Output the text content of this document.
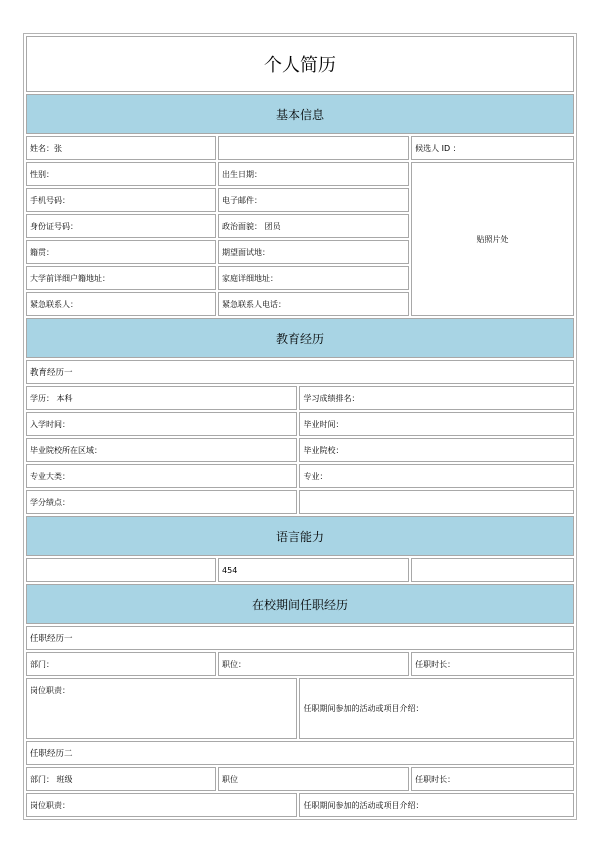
个人简历			
基本信息			
姓名：张			候选人 ID ：
性别：	出生日期：		贴照片处
手机号码：	电子邮件：		
身份证号码：	政治面貌： 团员		
籍贯：	期望面试地：		
大学前详细户籍地址：	家庭详细地址：		
紧急联系人：	紧急联系人电话：		
教育经历			
教育经历一			
学历： 本科		学习成绩排名：	
入学时间：		毕业时间：	
毕业院校所在区域：		毕业院校：	
专业大类：		专业：	
学分绩点：			
语言能力			
	454		
在校期间任职经历			
任职经历一			
部门：	职位：		任职时长：
岗位职责：		任职期间参加的活动或项目介绍：	
任职经历二			
部门： 班级	职位		任职时长：
岗位职责：		任职期间参加的活动或项目介绍：	
